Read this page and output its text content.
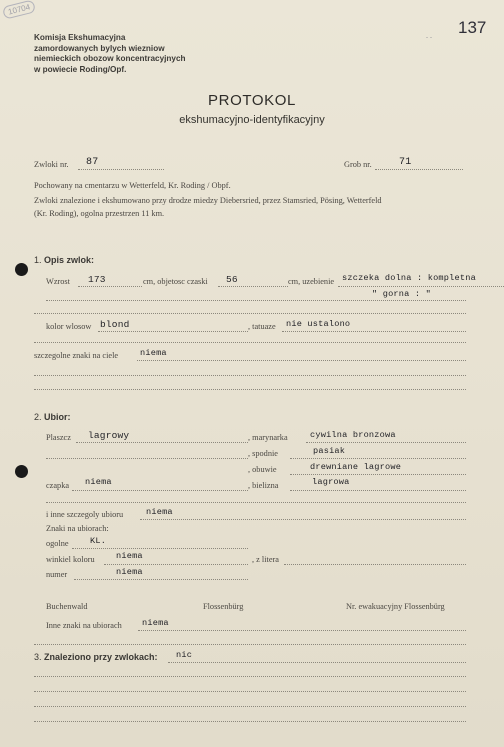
10704
137
. .
Komisja Ekshumacyjna
zamordowanych bylych wiezniow
niemieckich obozow koncentracyjnych
w powiecie Roding/Opf.
PROTOKOL
ekshumacyjno-identyfikacyjny
Zwloki nr. 87	Grob nr.	71
Pochowany na cmentarzu w Wetterfeld, Kr. Roding / Obpf.
Zwloki znalezione i ekshumowano przy drodze miedzy Diebersried, przez Stamsried, Pösing, Wetterfeld
(Kr. Roding), ogolna przestrzen 11 km.
1. Opis zwlok:
Wzrost 173	cm, objetosc czaski 56	cm, uzebienie szczeka dolna : kompletna
" gorna : "
kolor wlosow blond	, tatuaze nie ustalono
szczegolne znaki na ciele	niema
2. Ubior:
Plaszcz lagrowy	, marynarka	cywilna bronzowa
, spodnie	pasiak
, obuwie	drewniane lagrowe
czapka niema	, bielizna	lagrowa
i inne szczegoly ubioru	niema
Znaki na ubiorach:
ogolne KL.
winkiel koloru niema	, z litera
numer	niema
Buchenwald	Flossenbürg	Nr. ewakuacyjny Flossenbürg
Inne znaki na ubiorach niema
3. Znaleziono przy zwlokach: nic
